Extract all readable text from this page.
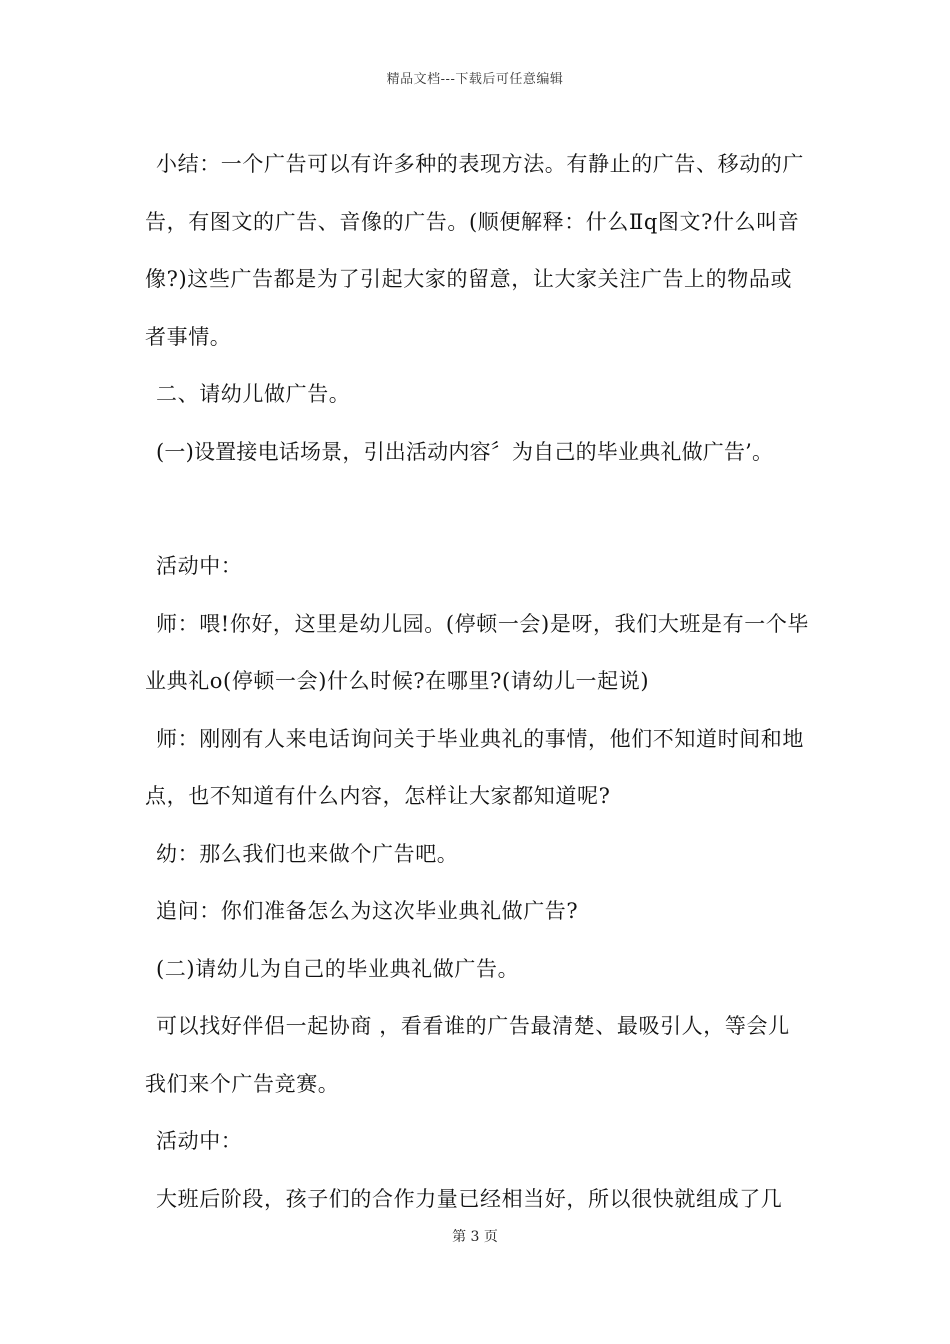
精品文档---下载后可任意编辑

小结：一个广告可以有许多种的表现方法。有静止的广告、移动的广告，有图文的广告、音像的广告。(顺便解释：什么Ⅱq图文?什么叫音像?)这些广告都是为了引起大家的留意，让大家关注广告上的物品或者事情。

二、请幼儿做广告。

(一)设置接电话场景，引出活动内容〞为自己的毕业典礼做广告’。

活动中：

师：喂!你好，这里是幼儿园。(停顿一会)是呀，我们大班是有一个毕业典礼o(停顿一会)什么时候?在哪里?(请幼儿一起说)

师：刚刚有人来电话询问关于毕业典礼的事情，他们不知道时间和地点，也不知道有什么内容，怎样让大家都知道呢?

幼：那么我们也来做个广告吧。

追问：你们准备怎么为这次毕业典礼做广告?

(二)请幼儿为自己的毕业典礼做广告。

可以找好伴侣一起协商 ，看看谁的广告最清楚、最吸引人，等会儿我们来个广告竞赛。

活动中：

大班后阶段，孩子们的合作力量已经相当好，所以很快就组成了几

第 3 页
